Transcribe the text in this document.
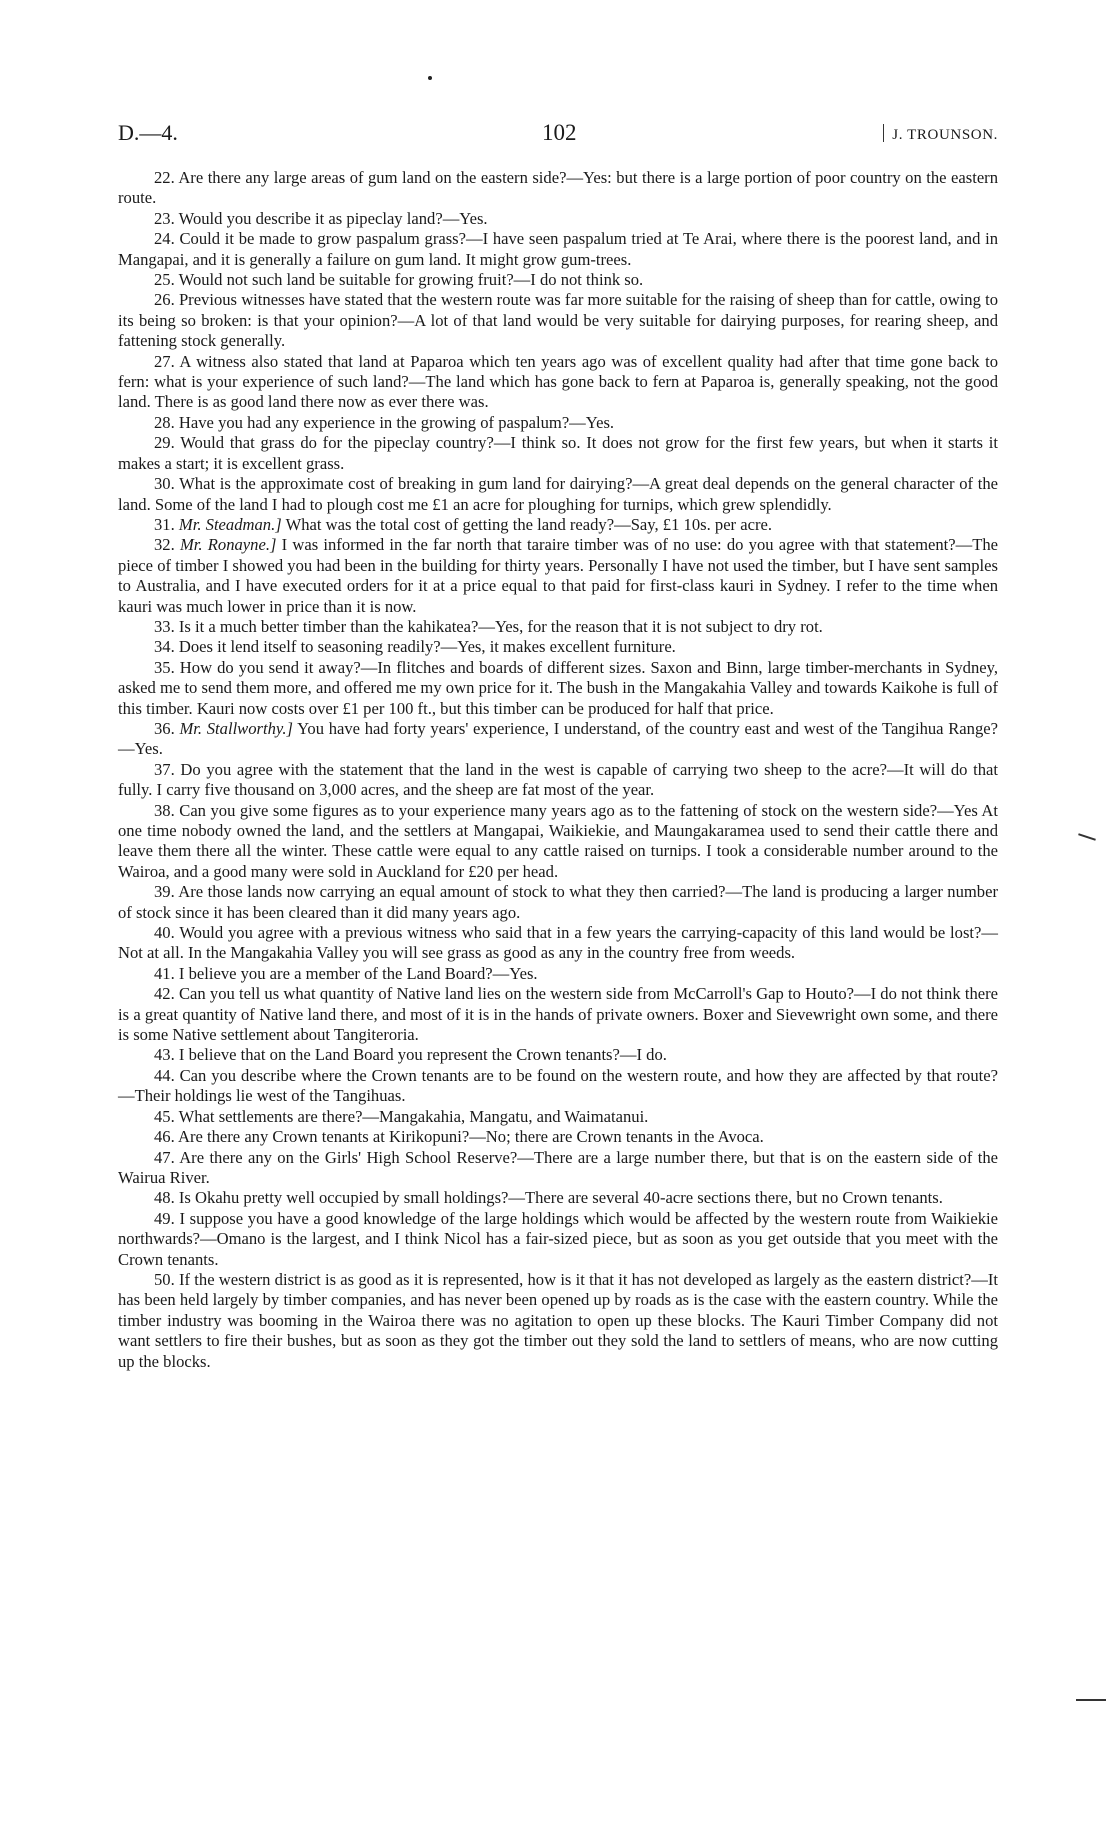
D.—4.	102	J. TROUNSON.

22. Are there any large areas of gum land on the eastern side?—Yes: but there is a large portion of poor country on the eastern route.

23. Would you describe it as pipeclay land?—Yes.

24. Could it be made to grow paspalum grass?—I have seen paspalum tried at Te Arai, where there is the poorest land, and in Mangapai, and it is generally a failure on gum land. It might grow gum-trees.

25. Would not such land be suitable for growing fruit?—I do not think so.

26. Previous witnesses have stated that the western route was far more suitable for the raising of sheep than for cattle, owing to its being so broken: is that your opinion?—A lot of that land would be very suitable for dairying purposes, for rearing sheep, and fattening stock generally.

27. A witness also stated that land at Paparoa which ten years ago was of excellent quality had after that time gone back to fern: what is your experience of such land?—The land which has gone back to fern at Paparoa is, generally speaking, not the good land. There is as good land there now as ever there was.

28. Have you had any experience in the growing of paspalum?—Yes.

29. Would that grass do for the pipeclay country?—I think so. It does not grow for the first few years, but when it starts it makes a start; it is excellent grass.

30. What is the approximate cost of breaking in gum land for dairying?—A great deal depends on the general character of the land. Some of the land I had to plough cost me £1 an acre for ploughing for turnips, which grew splendidly.

31. Mr. Steadman.] What was the total cost of getting the land ready?—Say, £1 10s. per acre.

32. Mr. Ronayne.] I was informed in the far north that taraire timber was of no use: do you agree with that statement?—The piece of timber I showed you had been in the building for thirty years. Personally I have not used the timber, but I have sent samples to Australia, and I have executed orders for it at a price equal to that paid for first-class kauri in Sydney. I refer to the time when kauri was much lower in price than it is now.

33. Is it a much better timber than the kahikatea?—Yes, for the reason that it is not subject to dry rot.

34. Does it lend itself to seasoning readily?—Yes, it makes excellent furniture.

35. How do you send it away?—In flitches and boards of different sizes. Saxon and Binn, large timber-merchants in Sydney, asked me to send them more, and offered me my own price for it. The bush in the Mangakahia Valley and towards Kaikohe is full of this timber. Kauri now costs over £1 per 100 ft., but this timber can be produced for half that price.

36. Mr. Stallworthy.] You have had forty years' experience, I understand, of the country east and west of the Tangihua Range?—Yes.

37. Do you agree with the statement that the land in the west is capable of carrying two sheep to the acre?—It will do that fully. I carry five thousand on 3,000 acres, and the sheep are fat most of the year.

38. Can you give some figures as to your experience many years ago as to the fattening of stock on the western side?—Yes At one time nobody owned the land, and the settlers at Mangapai, Waikiekie, and Maungakaramea used to send their cattle there and leave them there all the winter. These cattle were equal to any cattle raised on turnips. I took a considerable number around to the Wairoa, and a good many were sold in Auckland for £20 per head.

39. Are those lands now carrying an equal amount of stock to what they then carried?—The land is producing a larger number of stock since it has been cleared than it did many years ago.

40. Would you agree with a previous witness who said that in a few years the carrying-capacity of this land would be lost?—Not at all. In the Mangakahia Valley you will see grass as good as any in the country free from weeds.

41. I believe you are a member of the Land Board?—Yes.

42. Can you tell us what quantity of Native land lies on the western side from McCarroll's Gap to Houto?—I do not think there is a great quantity of Native land there, and most of it is in the hands of private owners. Boxer and Sievewright own some, and there is some Native settlement about Tangiteroria.

43. I believe that on the Land Board you represent the Crown tenants?—I do.

44. Can you describe where the Crown tenants are to be found on the western route, and how they are affected by that route?—Their holdings lie west of the Tangihuas.

45. What settlements are there?—Mangakahia, Mangatu, and Waimatanui.

46. Are there any Crown tenants at Kirikopuni?—No; there are Crown tenants in the Avoca.

47. Are there any on the Girls' High School Reserve?—There are a large number there, but that is on the eastern side of the Wairua River.

48. Is Okahu pretty well occupied by small holdings?—There are several 40-acre sections there, but no Crown tenants.

49. I suppose you have a good knowledge of the large holdings which would be affected by the western route from Waikiekie northwards?—Omano is the largest, and I think Nicol has a fair-sized piece, but as soon as you get outside that you meet with the Crown tenants.

50. If the western district is as good as it is represented, how is it that it has not developed as largely as the eastern district?—It has been held largely by timber companies, and has never been opened up by roads as is the case with the eastern country. While the timber industry was booming in the Wairoa there was no agitation to open up these blocks. The Kauri Timber Company did not want settlers to fire their bushes, but as soon as they got the timber out they sold the land to settlers of means, who are now cutting up the blocks.
